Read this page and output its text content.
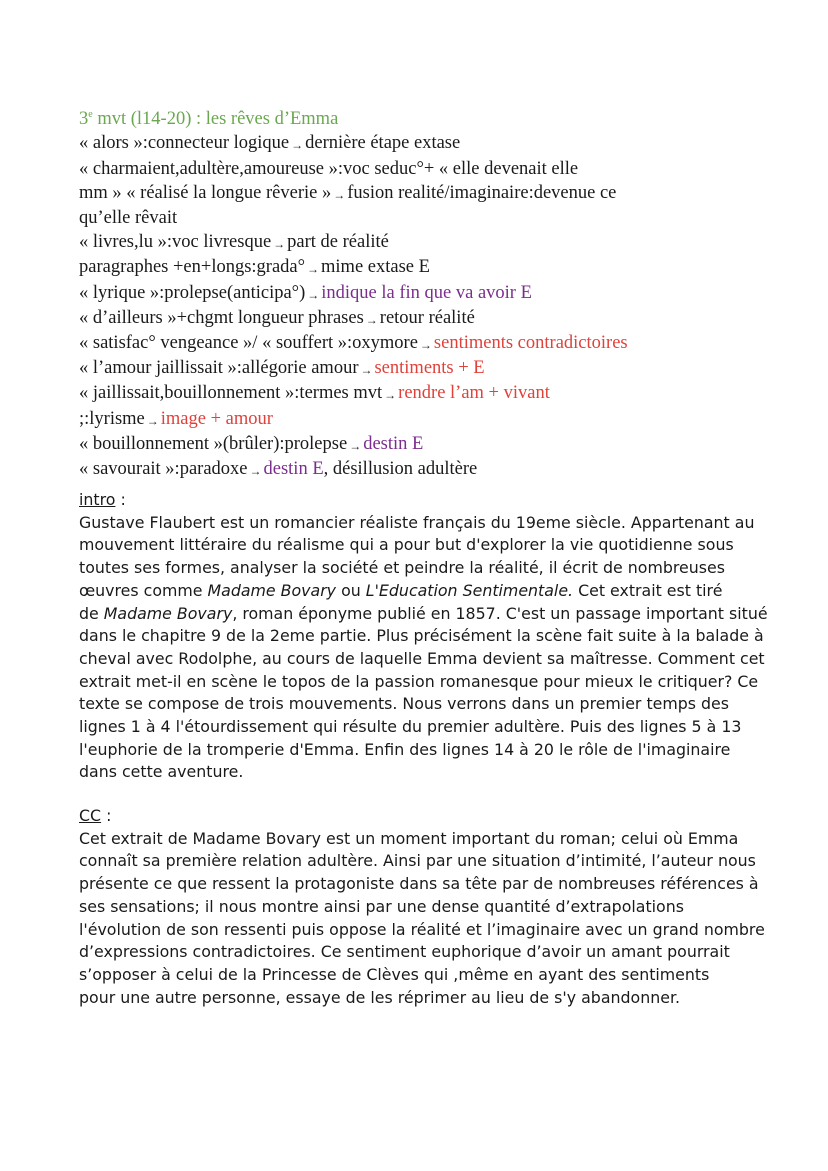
3e mvt (l14-20) : les rêves d’Emma
« alors »:connecteur logique → dernière étape extase
« charmaient,adultère,amoureuse »:voc seduc°+ « elle devenait elle
mm » « réalisé la longue rêverie » → fusion realité/imaginaire:devenue ce
qu’elle rêvait
« livres,lu »:voc livresque → part de réalité
paragraphes +en+longs:grada° → mime extase E
« lyrique »:prolepse(anticipa°) → indique la fin que va avoir E
« d’ailleurs »+chgmt longueur phrases → retour réalité
« satisfac° vengeance »/ « souffert »:oxymore → sentiments contradictoires
« l’amour jaillissait »:allégorie amour → sentiments + E
« jaillissait,bouillonnement »:termes mvt → rendre l’am + vivant
;:lyrisme → image + amour
« bouillonnement »(brûler):prolepse → destin E
« savourait »:paradoxe → destin E, désillusion adultère
intro :
Gustave Flaubert est un romancier réaliste français du 19eme siècle. Appartenant au
mouvement littéraire du réalisme qui a pour but d'explorer la vie quotidienne sous
toutes ses formes, analyser la société et peindre la réalité, il écrit de nombreuses
œuvres comme Madame Bovary ou L'Education Sentimentale. Cet extrait est tiré
de Madame Bovary, roman éponyme publié en 1857. C'est un passage important situé
dans le chapitre 9 de la 2eme partie. Plus précisément la scène fait suite à la balade à
cheval avec Rodolphe, au cours de laquelle Emma devient sa maîtresse. Comment cet
extrait met-il en scène le topos de la passion romanesque pour mieux le critiquer? Ce
texte se compose de trois mouvements. Nous verrons dans un premier temps des
lignes 1 à 4 l'étourdissement qui résulte du premier adultère. Puis des lignes 5 à 13
l'euphorie de la tromperie d'Emma. Enfin des lignes 14 à 20 le rôle de l'imaginaire
dans cette aventure.
CC :
Cet extrait de Madame Bovary est un moment important du roman; celui où Emma
connaît sa première relation adultère. Ainsi par une situation d’intimité, l’auteur nous
présente ce que ressent la protagoniste dans sa tête par de nombreuses références à
ses sensations; il nous montre ainsi par une dense quantité d’extrapolations
l'évolution de son ressenti puis oppose la réalité et l’imaginaire avec un grand nombre
d’expressions contradictoires. Ce sentiment euphorique d’avoir un amant pourrait
s’opposer à celui de la Princesse de Clèves qui ,même en ayant des sentiments
pour une autre personne, essaye de les réprimer au lieu de s'y abandonner.
